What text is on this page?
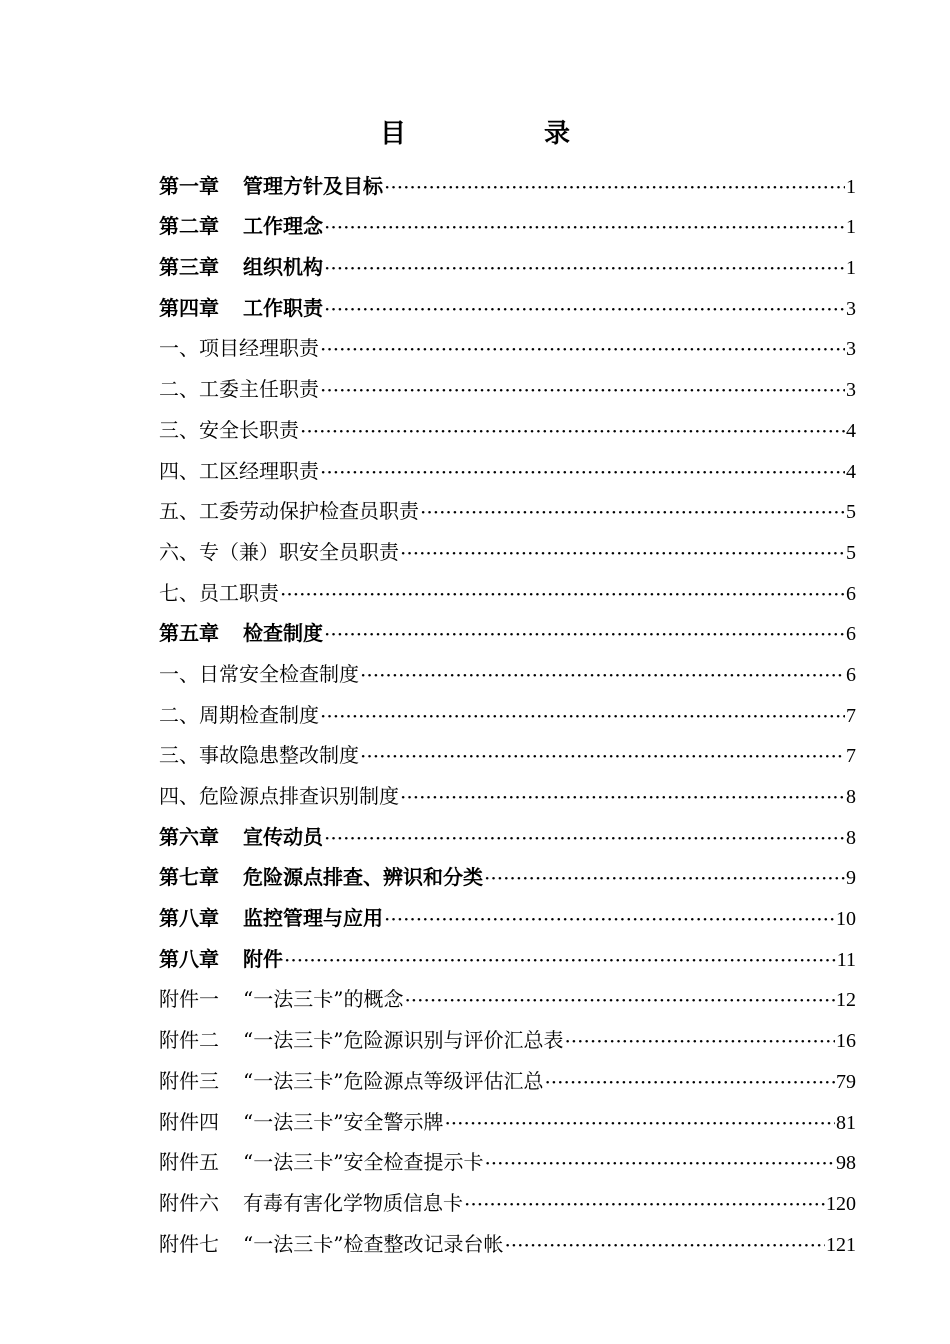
目　录
第一章 管理方针及目标 ·····	1
第二章 工作理念 ·····	1
第三章 组织机构 ·····	1
第四章 工作职责 ·····	3
一、项目经理职责 ·····	3
二、工委主任职责 ·····	3
三、安全长职责 ·····	4
四、工区经理职责 ·····	4
五、工委劳动保护检查员职责 ·····	5
六、专（兼）职安全员职责 ·····	5
七、员工职责 ·····	6
第五章 检查制度 ·····	6
一、日常安全检查制度 ·····	6
二、周期检查制度 ·····	7
三、事故隐患整改制度 ·····	7
四、危险源点排查识别制度 ·····	8
第六章 宣传动员 ·····	8
第七章 危险源点排查、辨识和分类 ·····	9
第八章 监控管理与应用 ·····	10
第八章 附件 ·····	11
附件一 “一法三卡”的概念 ·····	12
附件二 “一法三卡”危险源识别与评价汇总表 ·····	16
附件三 “一法三卡”危险源点等级评估汇总 ·····	79
附件四 “一法三卡”安全警示牌 ·····	81
附件五 “一法三卡”安全检查提示卡 ·····	98
附件六 有毒有害化学物质信息卡 ·····	120
附件七 “一法三卡”检查整改记录台帐 ·····	121
